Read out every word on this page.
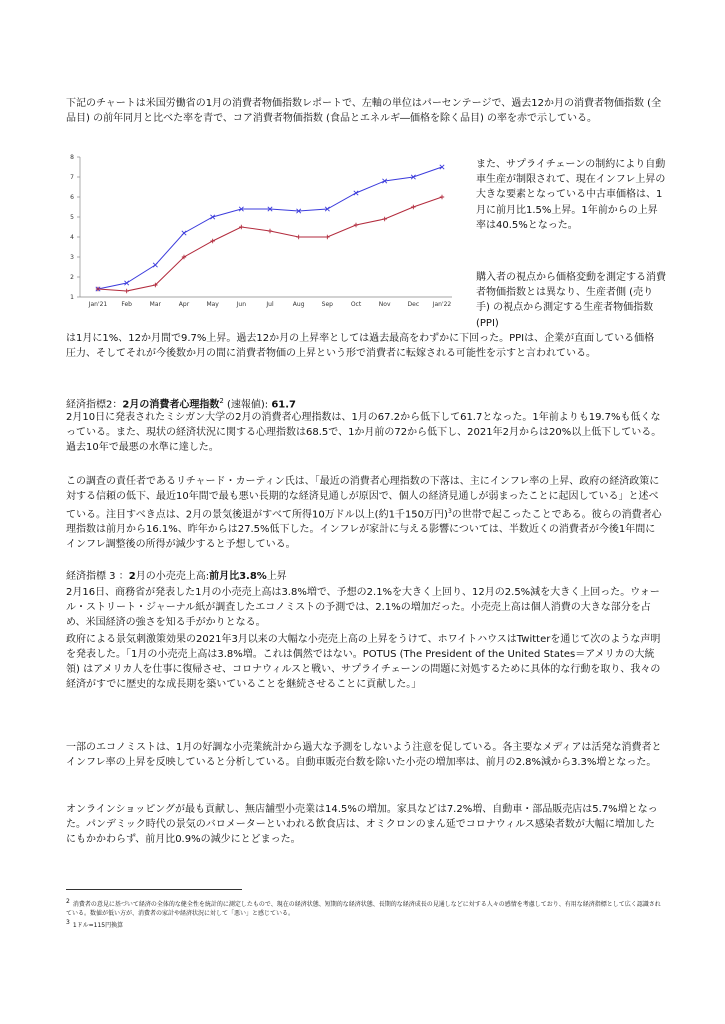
下記のチャートは米国労働省の1月の消費者物価指数レポートで、左軸の単位はパーセンテージで、過去12か月の消費者物価指数 (全品目) の前年同月と比べた率を青で、コア消費者物価指数 (食品とエネルギ―価格を除く品目) の率を赤で示している。

1
2
3
4
5
6
7
8
Jan'21 Feb	Mar	Apr	May	Jun	Jul	Aug	Sep	Oct	Nov	Dec Jan'22

また、サプライチェーンの制約により自動車生産が制限されて、現在インフレ上昇の大きな要素となっている中古車価格は、1月に前月比1.5%上昇。1年前からの上昇率は40.5%となった。

購入者の視点から価格変動を測定する消費者物価指数とは異なり、生産者側 (売り手) の視点から測定する生産者物価指数 (PPI)

は1月に1%、12か月間で9.7%上昇。過去12か月の上昇率としては過去最高をわずかに下回った。PPIは、企業が直面している価格圧力、そしてそれが今後数か月の間に消費者物価の上昇という形で消費者に転嫁される可能性を示すと言われている。

経済指標2：2月の消費者心理指数$^2$ (速報値): 61.7

2月10日に発表されたミシガン大学の2月の消費者心理指数は、1月の67.2から低下して61.7となった。1年前よりも19.7%も低くなっている。また、現状の経済状況に関する心理指数は68.5で、1か月前の72から低下し、2021年2月からは20%以上低下している。過去10年で最悪の水準に達した。

この調査の責任者であるリチャード・カーティン氏は、「最近の消費者心理指数の下落は、主にインフレ率の上昇、政府の経済政策に対する信頼の低下、最近10年間で最も悪い長期的な経済見通しが原因で、個人の経済見通しが弱まったことに起因している」と述べている。注目すべき点は、2月の景気後退がすべて所得10万ドル以上(約1千150万円)$^3$の世帯で起こったことである。彼らの消費者心理指数は前月から16.1%、昨年からは27.5%低下した。インフレが家計に与える影響については、半数近くの消費者が今後1年間にインフレ調整後の所得が減少すると予想している。

経済指標 3 ：2月の小売売上高:前月比3.8%上昇

2月16日、商務省が発表した1月の小売売上高は3.8%増で、予想の2.1%を大きく上回り、12月の2.5%減を大きく上回った。ウォール・ストリート・ジャーナル紙が調査したエコノミストの予測では、2.1%の増加だった。小売売上高は個人消費の大きな部分を占め、米国経済の強さを知る手がかりとなる。

政府による景気刺激策効果の2021年3月以来の大幅な小売売上高の上昇をうけて、ホワイトハウスはTwitterを通じて次のような声明を発表した。「1月の小売売上高は3.8%増。これは偶然ではない。POTUS (The President of the United States＝アメリカの大統領) はアメリカ人を仕事に復帰させ、コロナウィルスと戦い、サプライチェーンの問題に対処するために具体的な行動を取り、我々の経済がすでに歴史的な成長期を築いていることを継続させることに貢献した。」

一部のエコノミストは、1月の好調な小売業統計から過大な予測をしないよう注意を促している。各主要なメディアは活発な消費者とインフレ率の上昇を反映していると分析している。自動車販売台数を除いた小売の増加率は、前月の2.8%減から3.3%増となった。

オンラインショッピングが最も貢献し、無店舗型小売業は14.5%の増加。家具などは7.2%増、自動車・部品販売店は5.7%増となった。パンデミック時代の景気のバロメーターといわれる飲食店は、オミクロンのまん延でコロナウィルス感染者数が大幅に増加したにもかかわらず、前月比0.9%の減少にとどまった。

$^2$ 消費者の意見に基づいて経済の全体的な健全性を統計的に測定したもので、現在の経済状態、短期的な経済状態、長期的な経済成長の見通しなどに対する人々の感情を考慮しており、有用な経済指標として広く認識されている。数値が低い方が、消費者の家計や経済状況に対して「悪い」と感じている。

$^3$ 1ドル=115円換算
